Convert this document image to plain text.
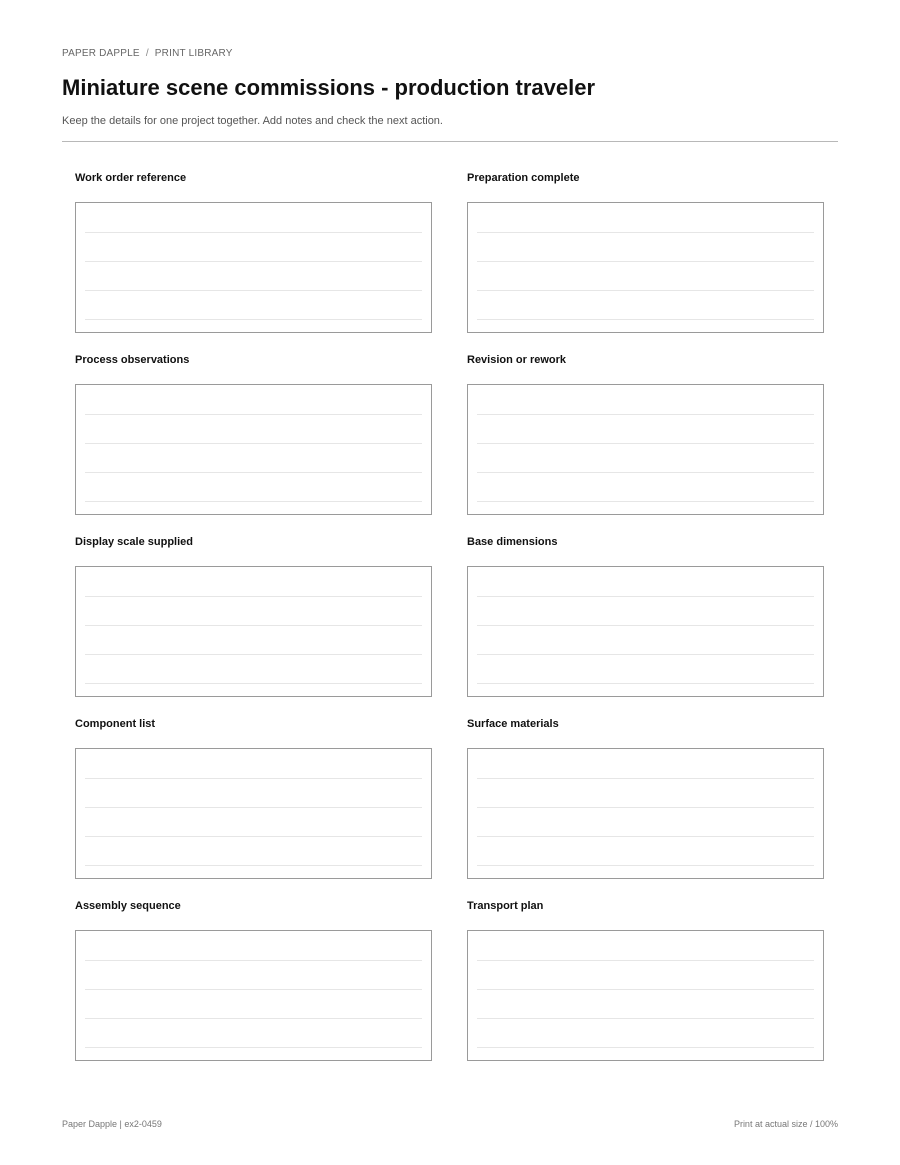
PAPER DAPPLE / PRINT LIBRARY
Miniature scene commissions - production traveler
Keep the details for one project together. Add notes and check the next action.
Work order reference	Preparation complete
Process observations	Revision or rework
Display scale supplied	Base dimensions
Component list	Surface materials
Assembly sequence	Transport plan
Paper Dapple | ex2-0459	Print at actual size / 100%
